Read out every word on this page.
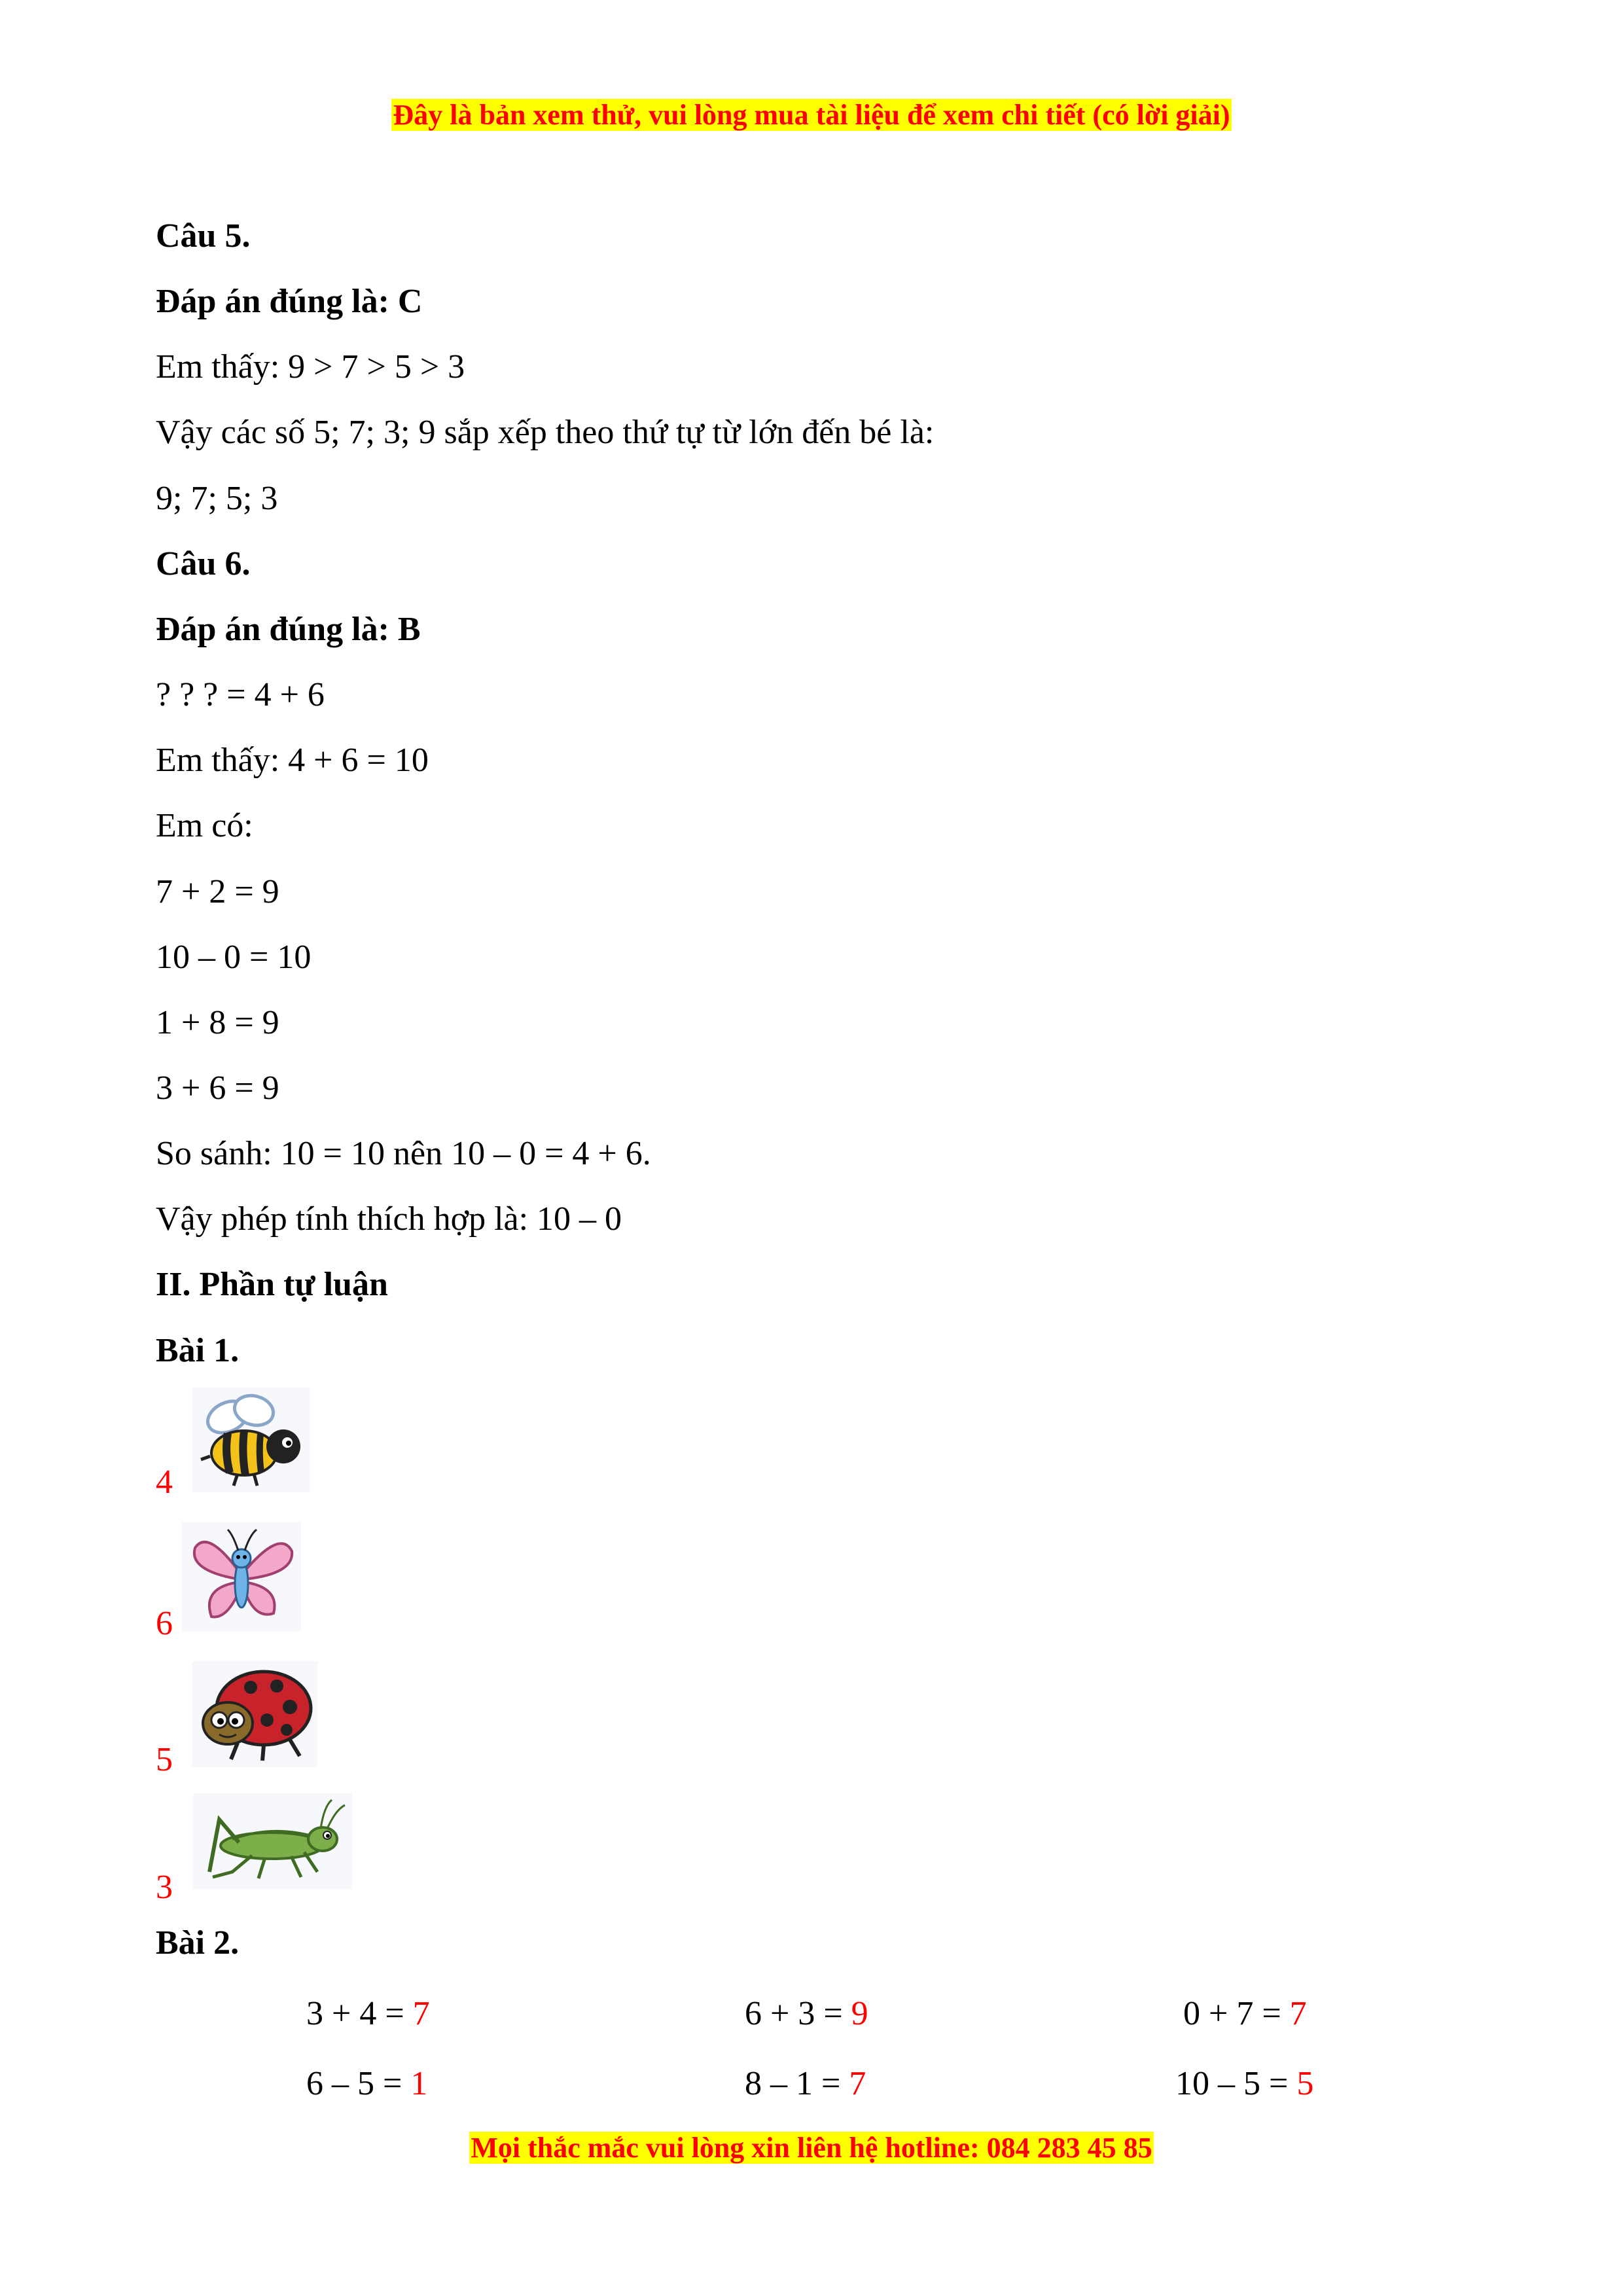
Đây là bản xem thử, vui lòng mua tài liệu để xem chi tiết (có lời giải)
Câu 5.
Đáp án đúng là: C
Em thấy: 9 > 7 > 5 > 3
Vậy các số 5; 7; 3; 9 sắp xếp theo thứ tự từ lớn đến bé là:
9; 7; 5; 3
Câu 6.
Đáp án đúng là: B
? ? ? = 4 + 6
Em thấy: 4 + 6 = 10
Em có:
7 + 2 = 9
10 – 0 = 10
1 + 8 = 9
3 + 6 = 9
So sánh: 10 = 10 nên 10 – 0 = 4 + 6.
Vậy phép tính thích hợp là: 10 – 0
II. Phần tự luận
Bài 1.
4
6
5
3
Bài 2.
3 + 4 = 7	6 + 3 = 9	0 + 7 = 7
6 – 5 = 1	8 – 1 = 7	10 – 5 = 5
Mọi thắc mắc vui lòng xin liên hệ hotline: 084 283 45 85
